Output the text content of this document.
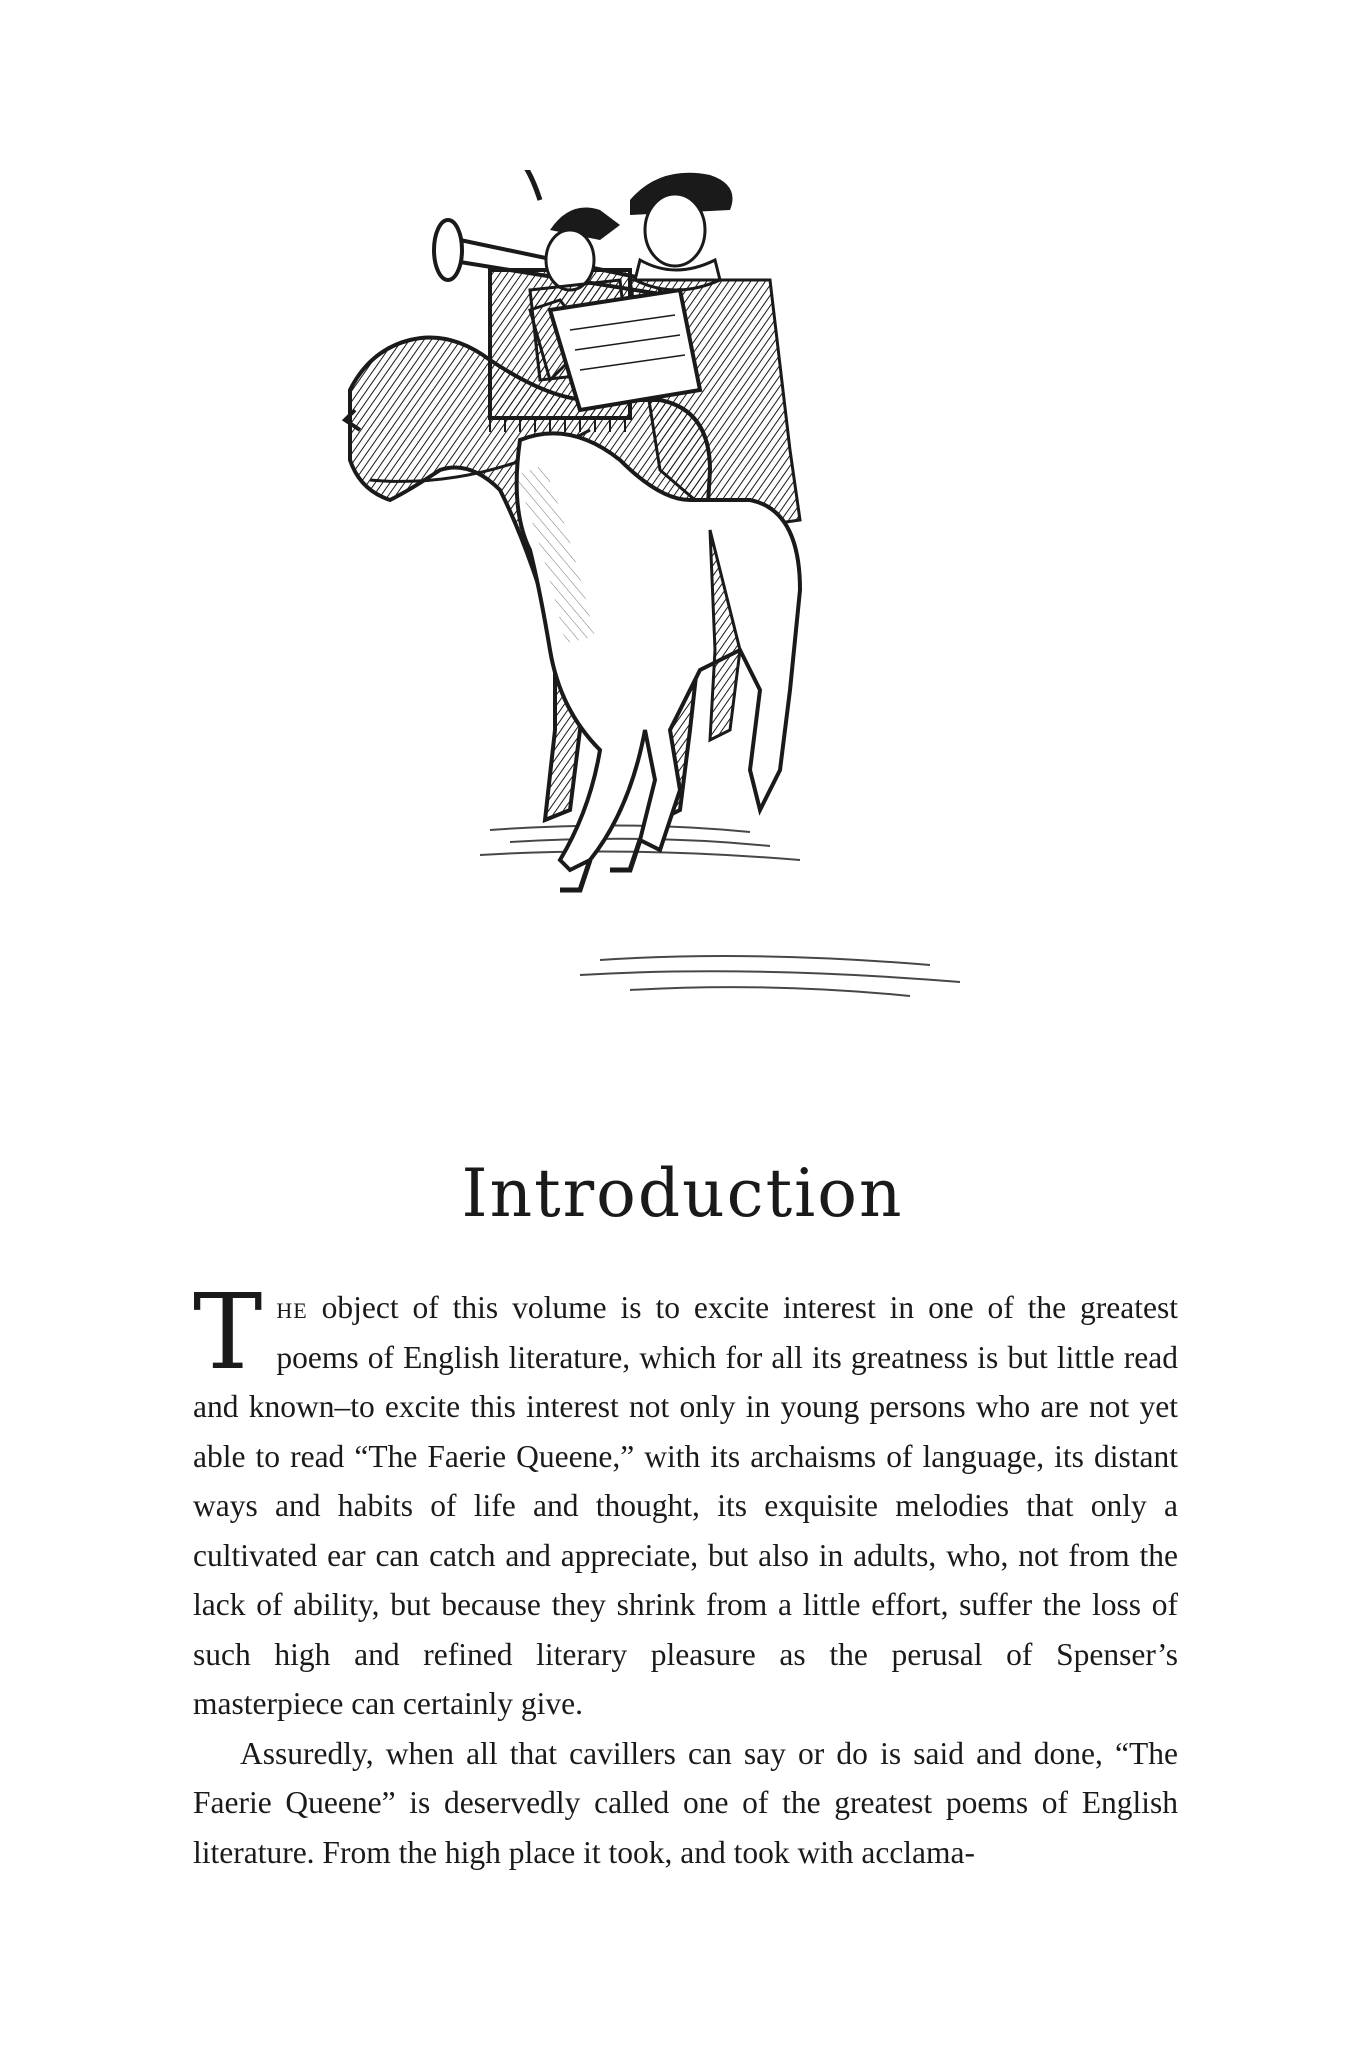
Introduction

The object of this volume is to excite interest in one of the greatest poems of English literature, which for all its greatness is but little read and known–to excite this interest not only in young persons who are not yet able to read “The Faerie Queene,” with its archaisms of language, its distant ways and habits of life and thought, its exquisite melodies that only a cultivated ear can catch and appreciate, but also in adults, who, not from the lack of ability, but because they shrink from a little effort, suffer the loss of such high and refined literary pleasure as the perusal of Spenser’s masterpiece can certainly give.

Assuredly, when all that cavillers can say or do is said and done, “The Faerie Queene” is deservedly called one of the greatest poems of English literature. From the high place it took, and took with acclama-
